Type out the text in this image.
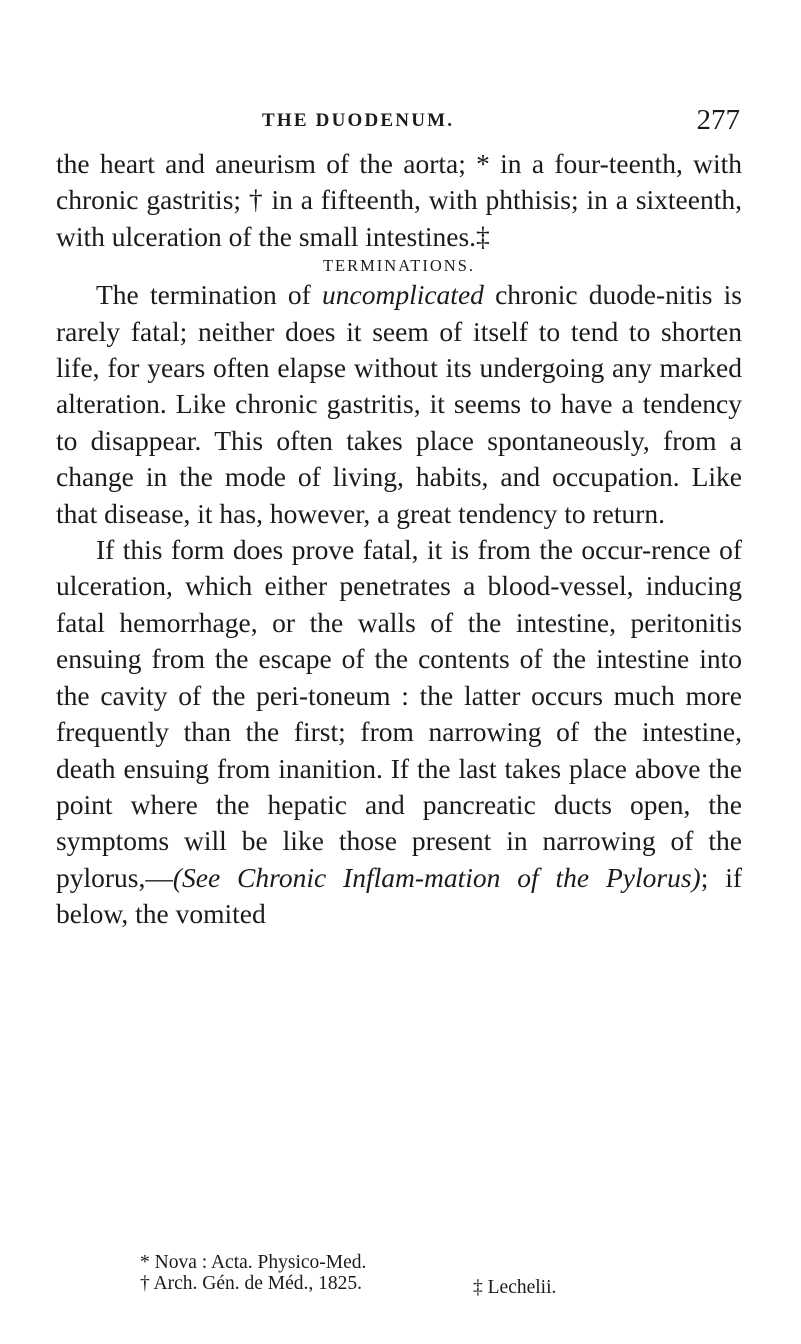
THE DUODENUM.	277

the heart and aneurism of the aorta; * in a four-teenth, with chronic gastritis; † in a fifteenth, with phthisis; in a sixteenth, with ulceration of the small intestines.‡

TERMINATIONS.

The termination of uncomplicated chronic duode-nitis is rarely fatal; neither does it seem of itself to tend to shorten life, for years often elapse without its undergoing any marked alteration. Like chronic gastritis, it seems to have a tendency to disappear. This often takes place spontaneously, from a change in the mode of living, habits, and occupation. Like that disease, it has, however, a great tendency to return.

If this form does prove fatal, it is from the occur-rence of ulceration, which either penetrates a blood-vessel, inducing fatal hemorrhage, or the walls of the intestine, peritonitis ensuing from the escape of the contents of the intestine into the cavity of the peri-toneum : the latter occurs much more frequently than the first; from narrowing of the intestine, death ensuing from inanition. If the last takes place above the point where the hepatic and pancreatic ducts open, the symptoms will be like those present in narrowing of the pylorus,—(See Chronic Inflam-mation of the Pylorus); if below, the vomited

* Nova : Acta. Physico-Med.
† Arch. Gén. de Méd., 1825.	‡ Lechelii.
